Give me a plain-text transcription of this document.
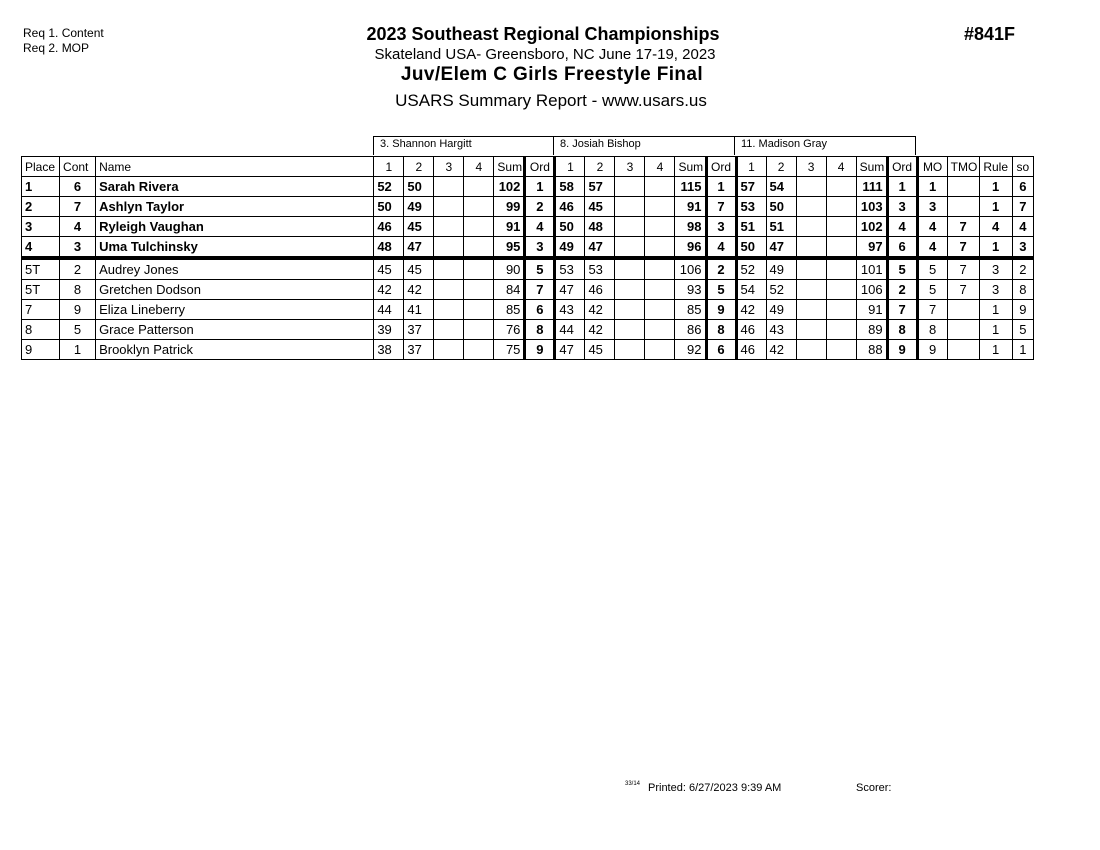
Req 1. Content
Req 2. MOP
2023 Southeast Regional Championships
Skateland USA- Greensboro, NC June 17-19, 2023
Juv/Elem C Girls Freestyle Final
USARS Summary Report - www.usars.us
#841F
3. Shannon Hargitt	8. Josiah Bishop	11. Madison Gray
Place	Cont	Name	1	2	3	4	Sum	Ord	1	2	3	4	Sum	Ord	1	2	3	4	Sum	Ord	MO	TMO	Rule	so
1	6	Sarah Rivera	52	50			102	1	58	57			115	1	57	54			111	1	1		1	6
2	7	Ashlyn Taylor	50	49			99	2	46	45			91	7	53	50			103	3	3		1	7
3	4	Ryleigh Vaughan	46	45			91	4	50	48			98	3	51	51			102	4	4	7	4	4
4	3	Uma Tulchinsky	48	47			95	3	49	47			96	4	50	47			97	6	4	7	1	3
5T	2	Audrey Jones	45	45			90	5	53	53			106	2	52	49			101	5	5	7	3	2
5T	8	Gretchen Dodson	42	42			84	7	47	46			93	5	54	52			106	2	5	7	3	8
7	9	Eliza Lineberry	44	41			85	6	43	42			85	9	42	49			91	7	7		1	9
8	5	Grace Patterson	39	37			76	8	44	42			86	8	46	43			89	8	8		1	5
9	1	Brooklyn Patrick	38	37			75	9	47	45			92	6	46	42			88	9	9		1	1
33/14 Printed: 6/27/2023 9:39 AM	Scorer:
